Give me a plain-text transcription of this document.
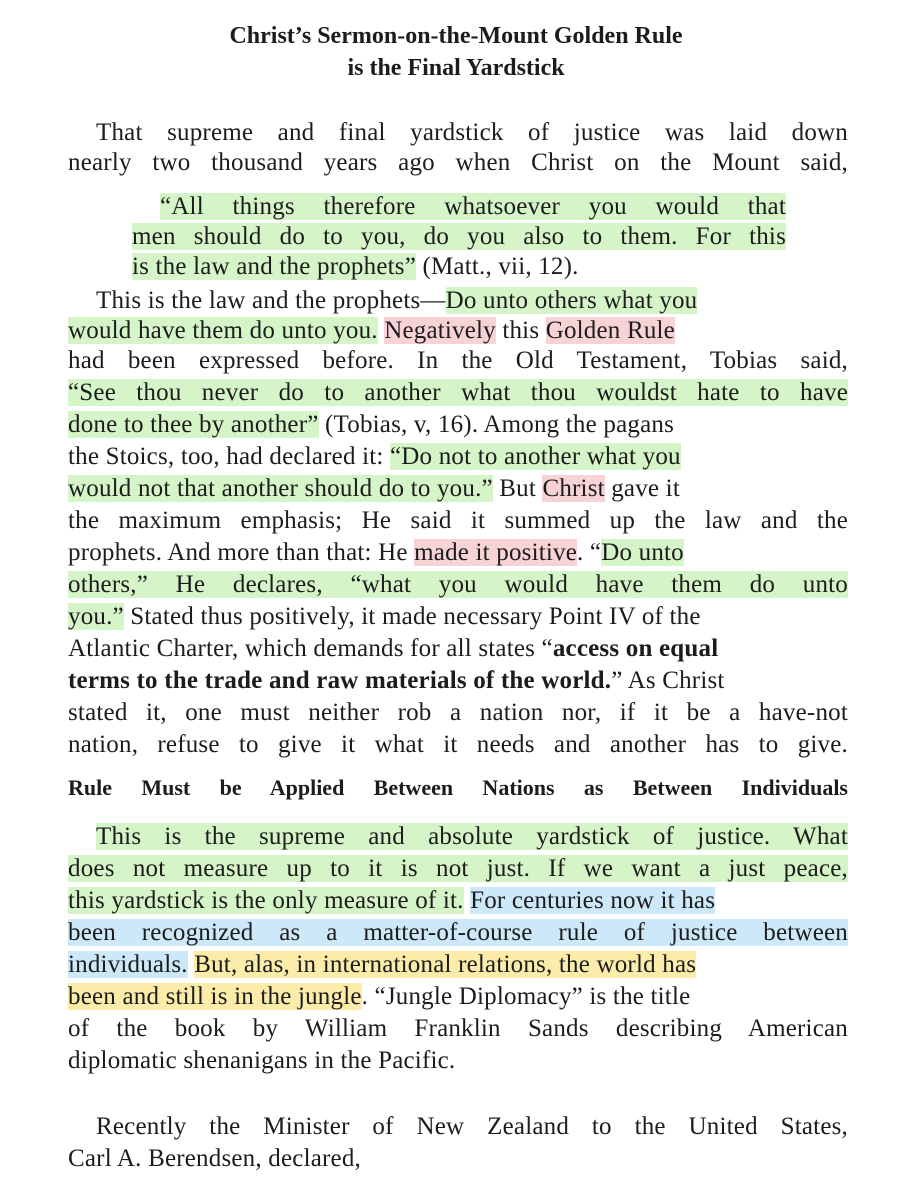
Christ’s Sermon-on-the-Mount Golden Rule
is the Final Yardstick
That supreme and final yardstick of justice was laid down
nearly two thousand years ago when Christ on the Mount said,
“All things therefore whatsoever you would that
men should do to you, do you also to them. For this
is the law and the prophets” (Matt., vii, 12).
This is the law and the prophets—Do unto others what you
would have them do unto you. Negatively this Golden Rule
had been expressed before. In the Old Testament, Tobias said,
“See thou never do to another what thou wouldst hate to have
done to thee by another” (Tobias, v, 16). Among the pagans
the Stoics, too, had declared it: “Do not to another what you
would not that another should do to you.” But Christ gave it
the maximum emphasis; He said it summed up the law and the
prophets. And more than that: He made it positive. “Do unto
others,” He declares, “what you would have them do unto
you.” Stated thus positively, it made necessary Point IV of the
Atlantic Charter, which demands for all states “access on equal
terms to the trade and raw materials of the world.” As Christ
stated it, one must neither rob a nation nor, if it be a have-not
nation, refuse to give it what it needs and another has to give.
Rule Must be Applied Between Nations as Between Individuals
This is the supreme and absolute yardstick of justice. What
does not measure up to it is not just. If we want a just peace,
this yardstick is the only measure of it. For centuries now it has
been recognized as a matter-of-course rule of justice between
individuals. But, alas, in international relations, the world has
been and still is in the jungle. “Jungle Diplomacy” is the title
of the book by William Franklin Sands describing American
diplomatic shenanigans in the Pacific.
Recently the Minister of New Zealand to the United States,
Carl A. Berendsen, declared,
